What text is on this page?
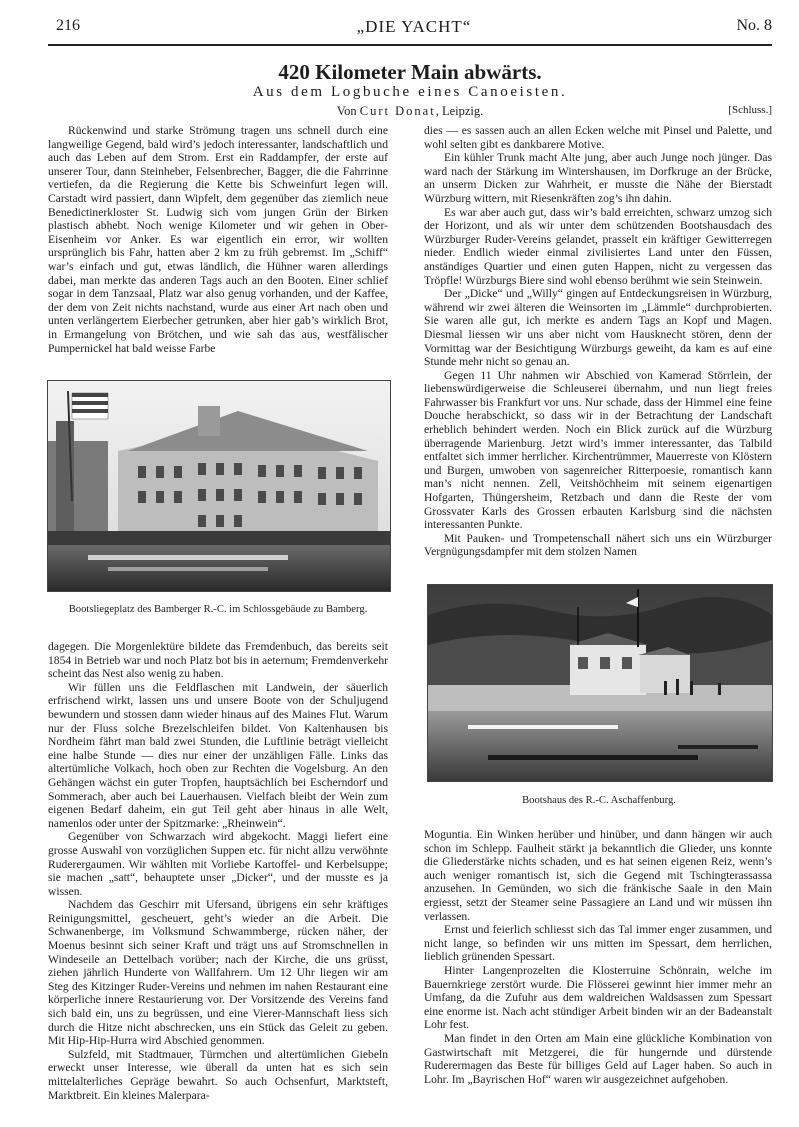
216	„DIE YACHT“	No. 8
420 Kilometer Main abwärts.
Aus dem Logbuche eines Canoeisten.
Von Curt Donat, Leipzig.	[Schluss.]

Rückenwind und starke Strömung tragen uns schnell durch eine langweilige Gegend, bald wird’s jedoch interessanter, landschaftlich und auch das Leben auf dem Strom. Erst ein Raddampfer, der erste auf unserer Tour, dann Steinheber, Felsenbrecher, Bagger, die die Fahrrinne vertiefen, da die Regierung die Kette bis Schweinfurt legen will. Carstadt wird passiert, dann Wipfelt, dem gegenüber das ziemlich neue Benedictinerkloster St. Ludwig sich vom jungen Grün der Birken plastisch abhebt. Noch wenige Kilometer und wir gehen in Ober-Eisenheim vor Anker. Es war eigentlich ein error, wir wollten ursprünglich bis Fahr, hatten aber 2 km zu früh gebremst. Im „Schiff“ war’s einfach und gut, etwas ländlich, die Hühner waren allerdings dabei, man merkte das anderen Tags auch an den Booten. Einer schlief sogar in dem Tanzsaal, Platz war also genug vorhanden, und der Kaffee, der dem von Zeit nichts nachstand, wurde aus einer Art nach oben und unten verlängertem Eierbecher getrunken, aber hier gab’s wirklich Brot, in Ermangelung von Brötchen, und wie sah das aus, westfälischer Pumpernickel hat bald weisse Farbe

dies — es sassen auch an allen Ecken welche mit Pinsel und Palette, und wohl selten gibt es dankbarere Motive.

Ein kühler Trunk macht Alte jung, aber auch Junge noch jünger. Das ward nach der Stärkung im Wintershausen, im Dorfkruge an der Brücke, an unserm Dicken zur Wahrheit, er musste die Nähe der Bierstadt Würzburg wittern, mit Riesenkräften zog’s ihn dahin.

Es war aber auch gut, dass wir’s bald erreichten, schwarz umzog sich der Horizont, und als wir unter dem schützenden Bootshausdach des Würzburger Ruder-Vereins gelandet, prasselt ein kräftiger Gewitterregen nieder. Endlich wieder einmal zivilisiertes Land unter den Füssen, anständiges Quartier und einen guten Happen, nicht zu vergessen das Tröpfle! Würzburgs Biere sind wohl ebenso berühmt wie sein Steinwein.

Der „Dicke“ und „Willy“ gingen auf Entdeckungsreisen in Würzburg, während wir zwei älteren die Weinsorten im „Lämmle“ durchprobierten. Sie waren alle gut, ich merkte es andern Tags an Kopf und Magen. Diesmal liessen wir uns aber nicht vom Hausknecht stören, denn der Vormittag war der Besichtigung Würzburgs geweiht, da kam es auf eine Stunde mehr nicht so genau an.

Gegen 11 Uhr nahmen wir Abschied von Kamerad Störrlein, der liebenswürdigerweise die Schleuserei übernahm, und nun liegt freies Fahrwasser bis Frankfurt vor uns. Nur schade, dass der Himmel eine feine Douche herabschickt, so dass wir in der Betrachtung der Landschaft erheblich behindert werden. Noch ein Blick zurück auf die Würzburg überragende Marienburg. Jetzt wird’s immer interessanter, das Talbild entfaltet sich immer herrlicher. Kirchentrümmer, Mauerreste von Klöstern und Burgen, umwoben von sagenreicher Ritterpoesie, romantisch kann man’s nicht nennen. Zell, Veitshöchheim mit seinem eigenartigen Hofgarten, Thüngersheim, Retzbach und dann die Reste der vom Grossvater Karls des Grossen erbauten Karlsburg sind die nächsten interessanten Punkte.

Mit Pauken- und Trompetenschall nähert sich uns ein Würzburger Vergnügungsdampfer mit dem stolzen Namen

Bootsliegeplatz des Bamberger R.-C. im Schlossgebäude zu Bamberg.

dagegen. Die Morgenlektüre bildete das Fremdenbuch, das bereits seit 1854 in Betrieb war und noch Platz bot bis in aeternum; Fremdenverkehr scheint das Nest also wenig zu haben.

Wir füllen uns die Feldflaschen mit Landwein, der säuerlich erfrischend wirkt, lassen uns und unsere Boote von der Schuljugend bewundern und stossen dann wieder hinaus auf des Maines Flut. Warum nur der Fluss solche Brezelschleifen bildet. Von Kaltenhausen bis Nordheim fährt man bald zwei Stunden, die Luftlinie beträgt vielleicht eine halbe Stunde — dies nur einer der unzähligen Fälle. Links das altertümliche Volkach, hoch oben zur Rechten die Vogelsburg. An den Gehängen wächst ein guter Tropfen, hauptsächlich bei Escherndorf und Sommerach, aber auch bei Lauerhausen. Vielfach bleibt der Wein zum eigenen Bedarf daheim, ein gut Teil geht aber hinaus in alle Welt, namenlos oder unter der Spitzmarke: „Rheinwein“.

Gegenüber von Schwarzach wird abgekocht. Maggi liefert eine grosse Auswahl von vorzüglichen Suppen etc. für nicht allzu verwöhnte Ruderergaumen. Wir wählten mit Vorliebe Kartoffel- und Kerbelsuppe; sie machen „satt“, behauptete unser „Dicker“, und der musste es ja wissen.

Nachdem das Geschirr mit Ufersand, übrigens ein sehr kräftiges Reinigungsmittel, gescheuert, geht’s wieder an die Arbeit. Die Schwanenberge, im Volksmund Schwammberge, rücken näher, der Moenus besinnt sich seiner Kraft und trägt uns auf Stromschnellen in Windeseile an Dettelbach vorüber; nach der Kirche, die uns grüsst, ziehen jährlich Hunderte von Wallfahrern. Um 12 Uhr liegen wir am Steg des Kitzinger Ruder-Vereins und nehmen im nahen Restaurant eine körperliche innere Restaurierung vor. Der Vorsitzende des Vereins fand sich bald ein, uns zu begrüssen, und eine Vierer-Mannschaft liess sich durch die Hitze nicht abschrecken, uns ein Stück das Geleit zu geben. Mit Hip-Hip-Hurra wird Abschied genommen.

Sulzfeld, mit Stadtmauer, Türmchen und altertümlichen Giebeln erweckt unser Interesse, wie überall da unten hat es sich sein mittelalterliches Gepräge bewahrt. So auch Ochsenfurt, Marktsteft, Marktbreit. Ein kleines Malerpara-

Bootshaus des R.-C. Aschaffenburg.

Moguntia. Ein Winken herüber und hinüber, und dann hängen wir auch schon im Schlepp. Faulheit stärkt ja bekanntlich die Glieder, uns konnte die Gliederstärke nichts schaden, und es hat seinen eigenen Reiz, wenn’s auch weniger romantisch ist, sich die Gegend mit Tschingterassassa anzusehen. In Gemünden, wo sich die fränkische Saale in den Main ergiesst, setzt der Steamer seine Passagiere an Land und wir müssen ihn verlassen.

Ernst und feierlich schliesst sich das Tal immer enger zusammen, und nicht lange, so befinden wir uns mitten im Spessart, dem herrlichen, lieblich grünenden Spessart.

Hinter Langenprozelten die Klosterruine Schönrain, welche im Bauernkriege zerstört wurde. Die Flösserei gewinnt hier immer mehr an Umfang, da die Zufuhr aus dem waldreichen Waldsassen zum Spessart eine enorme ist. Nach acht stündiger Arbeit binden wir an der Badeanstalt Lohr fest.

Man findet in den Orten am Main eine glückliche Kombination von Gastwirtschaft mit Metzgerei, die für hungernde und dürstende Ruderermagen das Beste für billiges Geld auf Lager haben. So auch in Lohr. Im „Bayrischen Hof“ waren wir ausgezeichnet aufgehoben.
